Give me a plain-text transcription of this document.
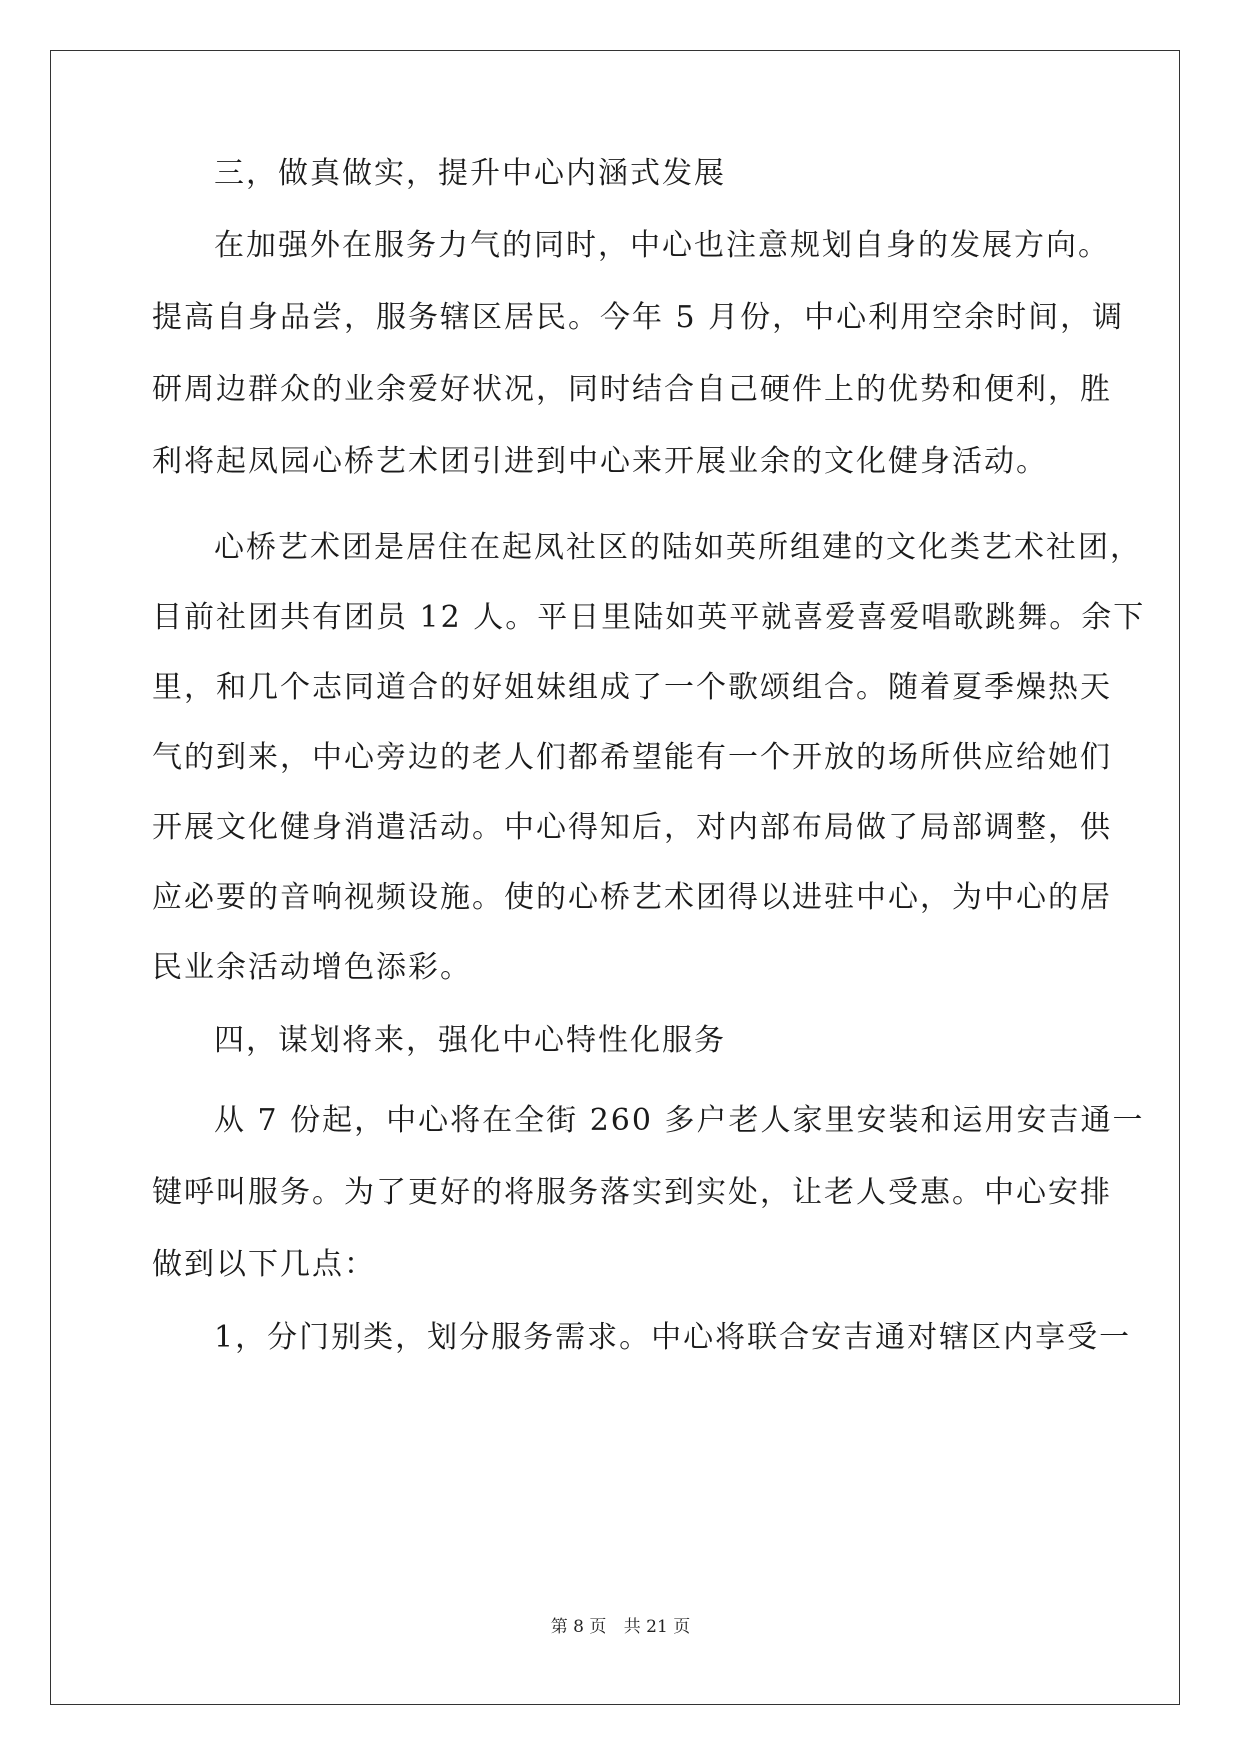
三，做真做实，提升中心内涵式发展
在加强外在服务力气的同时，中心也注意规划自身的发展方向。
提高自身品尝，服务辖区居民。今年 5 月份，中心利用空余时间，调
研周边群众的业余爱好状况，同时结合自己硬件上的优势和便利，胜
利将起凤园心桥艺术团引进到中心来开展业余的文化健身活动。
心桥艺术团是居住在起凤社区的陆如英所组建的文化类艺术社团，
目前社团共有团员 12 人。平日里陆如英平就喜爱喜爱唱歌跳舞。余下
里，和几个志同道合的好姐妹组成了一个歌颂组合。随着夏季燥热天
气的到来，中心旁边的老人们都希望能有一个开放的场所供应给她们
开展文化健身消遣活动。中心得知后，对内部布局做了局部调整，供
应必要的音响视频设施。使的心桥艺术团得以进驻中心，为中心的居
民业余活动增色添彩。
四，谋划将来，强化中心特性化服务
从 7 份起，中心将在全街 260 多户老人家里安装和运用安吉通一
键呼叫服务。为了更好的将服务落实到实处，让老人受惠。中心安排
做到以下几点：
1，分门别类，划分服务需求。中心将联合安吉通对辖区内享受一
第 8 页 共 21 页
